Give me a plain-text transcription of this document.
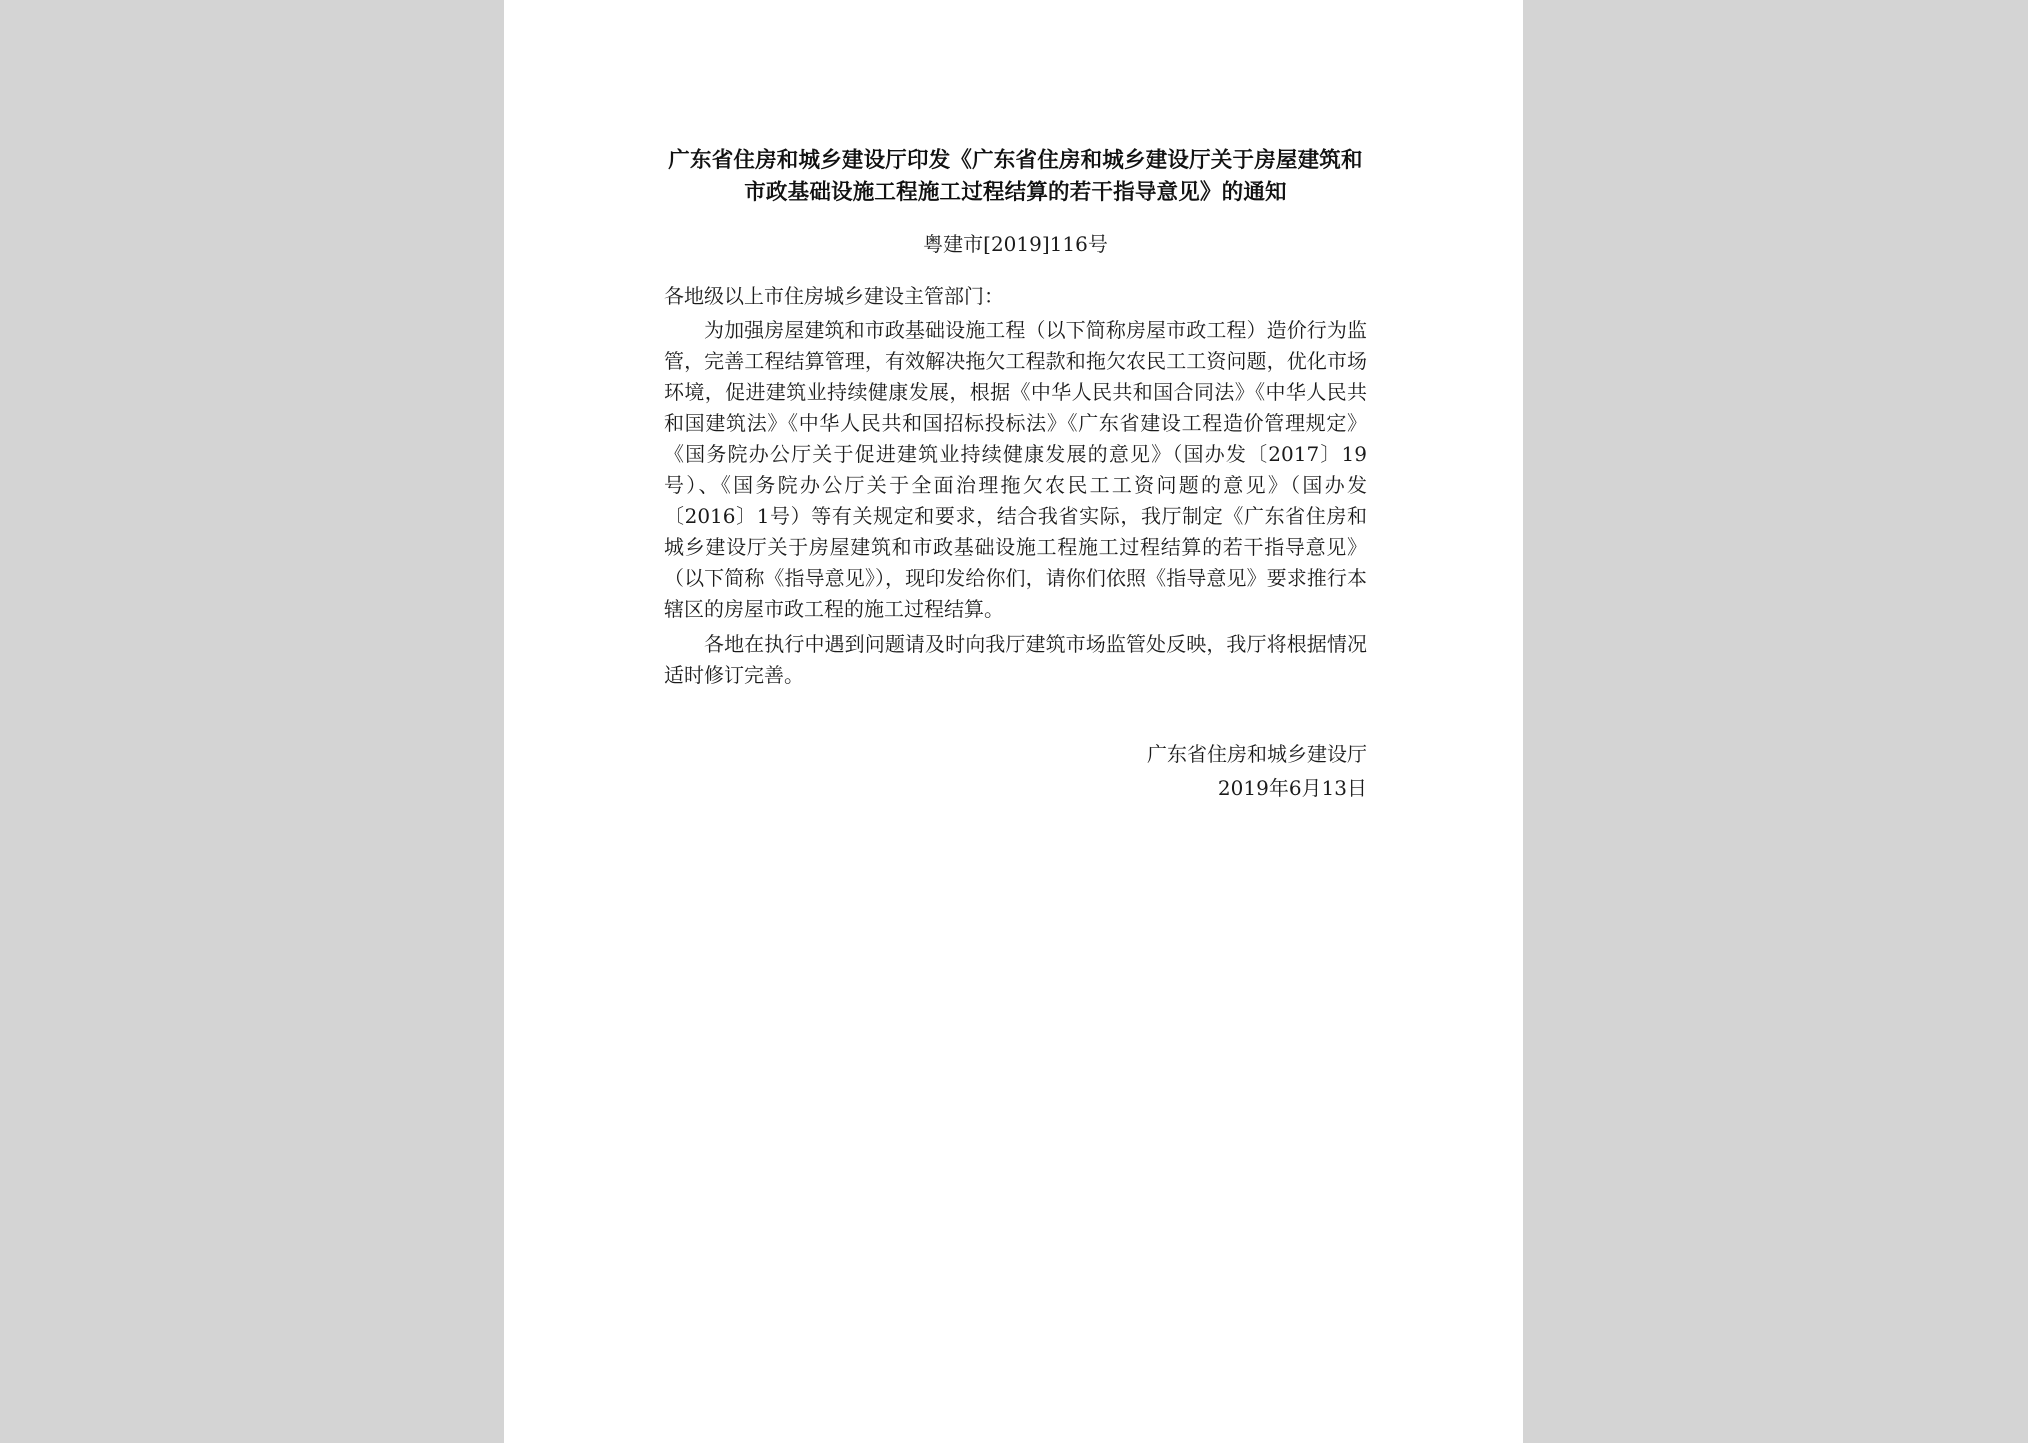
广东省住房和城乡建设厅印发《广东省住房和城乡建设厅关于房屋建筑和市政基础设施工程施工过程结算的若干指导意见》的通知
粤建市[2019]116号
各地级以上市住房城乡建设主管部门：

为加强房屋建筑和市政基础设施工程（以下简称房屋市政工程）造价行为监管，完善工程结算管理，有效解决拖欠工程款和拖欠农民工工资问题，优化市场环境，促进建筑业持续健康发展，根据《中华人民共和国合同法》《中华人民共和国建筑法》《中华人民共和国招标投标法》《广东省建设工程造价管理规定》《国务院办公厅关于促进建筑业持续健康发展的意见》（国办发〔2017〕19号）、《国务院办公厅关于全面治理拖欠农民工工资问题的意见》（国办发〔2016〕1号）等有关规定和要求，结合我省实际，我厅制定《广东省住房和城乡建设厅关于房屋建筑和市政基础设施工程施工过程结算的若干指导意见》（以下简称《指导意见》），现印发给你们，请你们依照《指导意见》要求推行本辖区的房屋市政工程的施工过程结算。

各地在执行中遇到问题请及时向我厅建筑市场监管处反映，我厅将根据情况适时修订完善。

广东省住房和城乡建设厅
2019年6月13日
